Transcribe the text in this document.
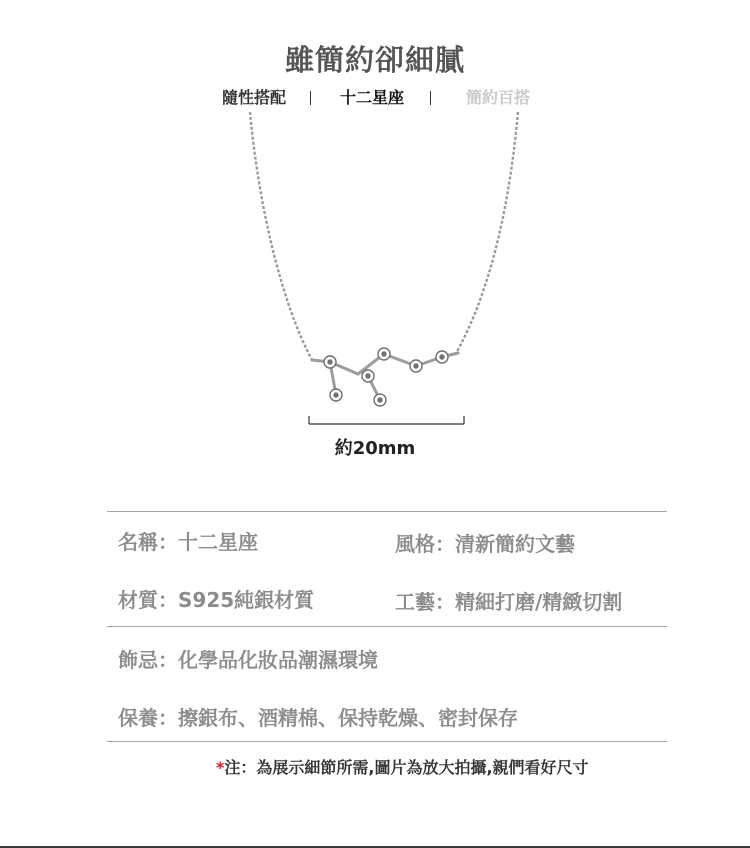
雖簡約卻細膩
隨性搭配	十二星座	簡約百搭
約20mm
名稱：十二星座	風格：清新簡約文藝
材質：S925純銀材質	工藝：精細打磨/精緻切割
飾忌：化學品化妝品潮濕環境
保養：擦銀布、酒精棉、保持乾燥、密封保存
*注：為展示細節所需,圖片為放大拍攝,親們看好尺寸
